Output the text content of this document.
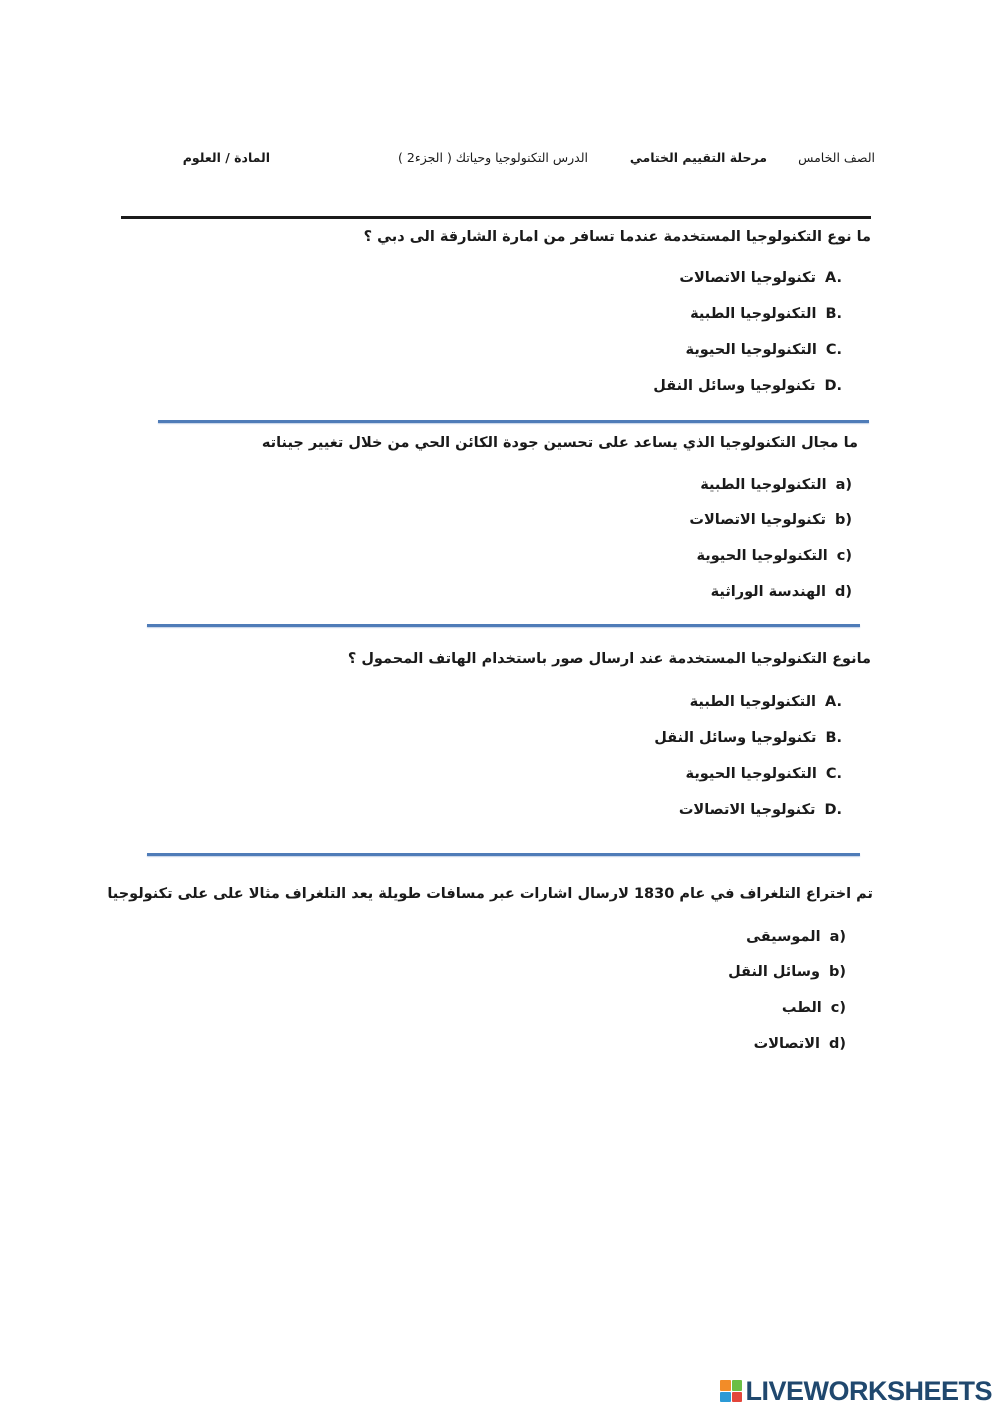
الصف الخامس
مرحلة التقييم الختامي
الدرس التكنولوجيا وحياتك ( الجزء2 )
المادة / العلوم
ما نوع التكنولوجيا المستخدمة عندما تسافر من امارة الشارقة الى دبي ؟
A.تكنولوجيا الاتصالات
B.التكنولوجيا الطبية
C.التكنولوجيا الحيوية
D.تكنولوجيا وسائل النقل
ما مجال التكنولوجيا الذي يساعد على تحسين جودة الكائن الحي من خلال تغيير جيناته
a)التكنولوجيا الطبية
b)تكنولوجيا الاتصالات
c)التكنولوجيا الحيوية
d)الهندسة الوراثية
مانوع التكنولوجيا المستخدمة عند ارسال صور باستخدام الهاتف المحمول ؟
A.التكنولوجيا الطبية
B.تكنولوجيا وسائل النقل
C.التكنولوجيا الحيوية
D.تكنولوجيا الاتصالات
تم اختراع التلغراف في عام 1830 لارسال اشارات عبر مسافات طويلة يعد التلغراف مثالا على على تكنولوجيا
a)الموسيقى
b)وسائل النقل
c)الطب
d)الاتصالات
LIVEWORKSHEETS
